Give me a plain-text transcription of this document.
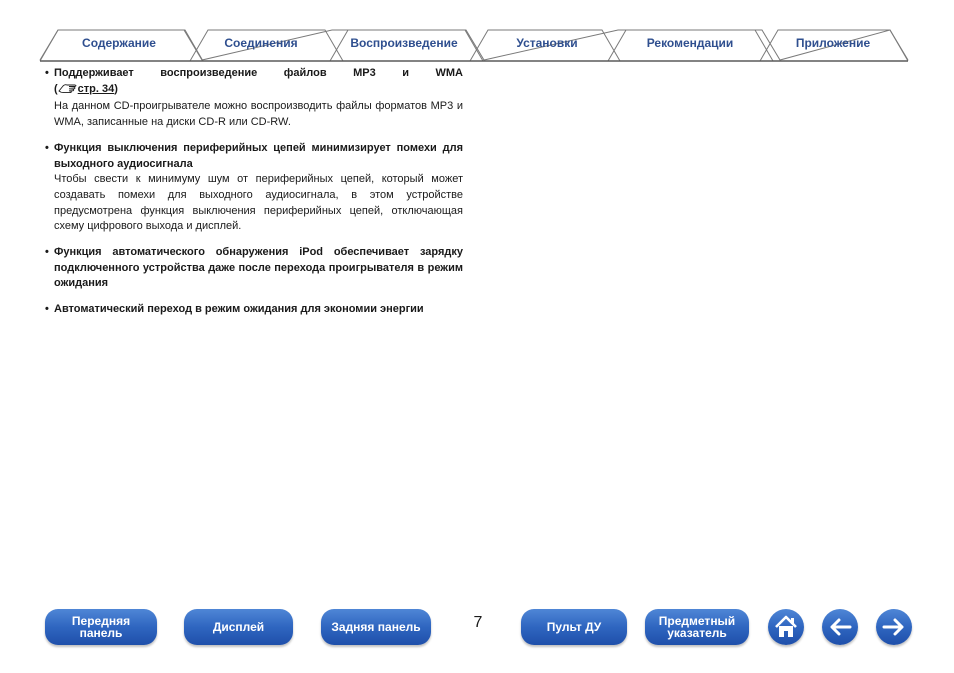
Содержание	Соединения	Воспроизведение	Установки	Рекомендации	Приложение
• Поддерживает воспроизведение файлов MP3 и WMA
( стр. 34)
На данном CD-проигрывателе можно воспроизводить файлы форматов MP3 и WMA, записанные на диски CD-R или CD-RW.
• Функция выключения периферийных цепей минимизирует помехи для выходного аудиосигнала
Чтобы свести к минимуму шум от периферийных цепей, который может создавать помехи для выходного аудиосигнала, в этом устройстве предусмотрена функция выключения периферийных цепей, отключающая схему цифрового выхода и дисплей.
• Функция автоматического обнаружения iPod обеспечивает зарядку подключенного устройства даже после перехода проигрывателя в режим ожидания
• Автоматический переход в режим ожидания для экономии энергии
Передняя
панель	Дисплей	Задняя панель	7	Пульт ДУ	Предметный
указатель
